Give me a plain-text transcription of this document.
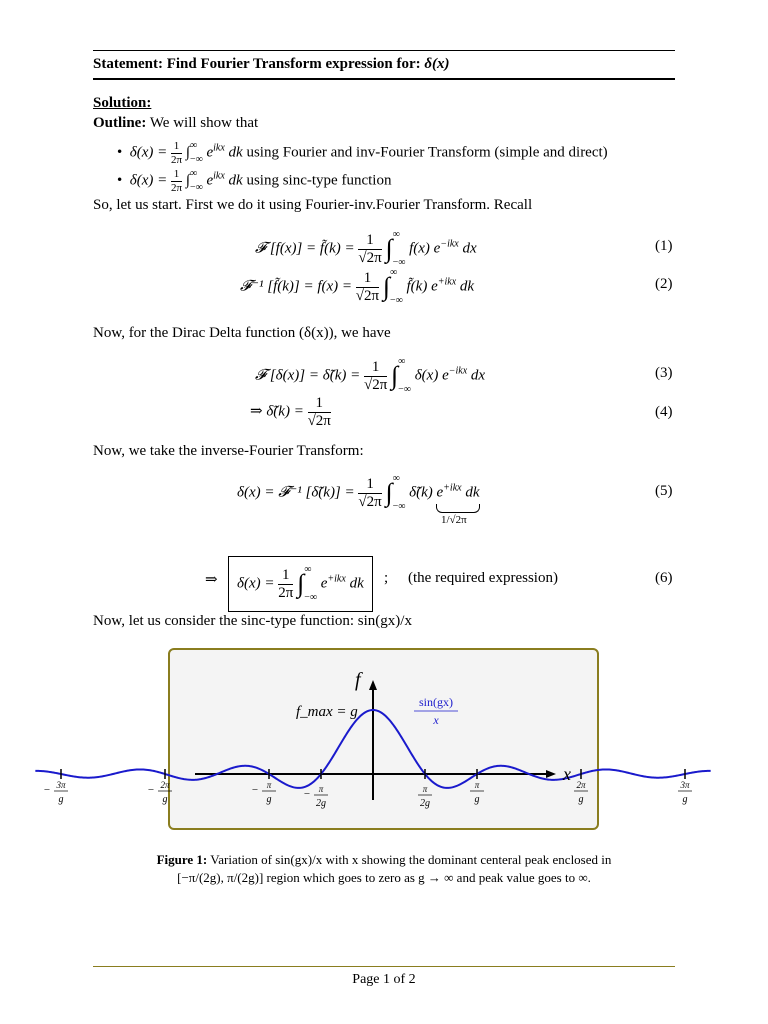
Statement: Find Fourier Transform expression for: δ(x)
Solution:
Outline: We will show that
• $\delta(x) = \frac{1}{2\pi}$ ∫∞
−∞ $e^{ikx}$ dk using Fourier and inv-Fourier Transform (simple and direct)
• $\delta(x) = \frac{1}{2\pi}$ ∫∞
−∞ $e^{ikx}$ dk using sinc-type function
So, let us start. First we do it using Fourier-inv.Fourier Transform. Recall
𝓕 [f(x)] = f̃(k) = $\frac{1}{√2\pi}$ ∫∞

−∞ f(x) $e^{-ikx}$ dx	(1)
𝓕⁻¹ [f̃(k)] = $f(x) = \frac{1}{√2\pi}$ ∫∞

−∞ f̃(k) $e^{+ikx}$ dk	(2)
Now, for the Dirac Delta function (δ(x)), we have
𝓕 [δ(x)] = δ̃(k) = $\frac{1}{√2\pi}$ ∫∞

−∞ δ(x) $e^{-ikx}$ dx	(3)
⇒ δ̃(k) = $\frac{1}{√2\pi}$	(4)
Now, we take the inverse-Fourier Transform:
δ(x) = 𝓕⁻¹ [δ̃(k)] = $\frac{1}{√2\pi}$ ∫∞

−∞ δ̃(k) $e^{+ikx}$ dk
1/√2π
(5)
⇒	$\delta(x) = \frac{1}{2\pi}$ ∫∞

−∞ $e^{+ikx}$ dk	; (the required expression)	(6)
Now, let us consider the sinc-type function: sin(gx)/x
− 3π
g
− 2π
g
− π
g	− π
2g
π
2g
π
g
2π
g
3π
g
f
x
f_max = g
sin(gx)
x
Figure 1: Variation of sin(gx)/x with x showing the dominant centeral peak enclosed in
[−π/(2g), π/(2g)] region which goes to zero as g → ∞ and peak value goes to ∞.
Page 1 of 2
